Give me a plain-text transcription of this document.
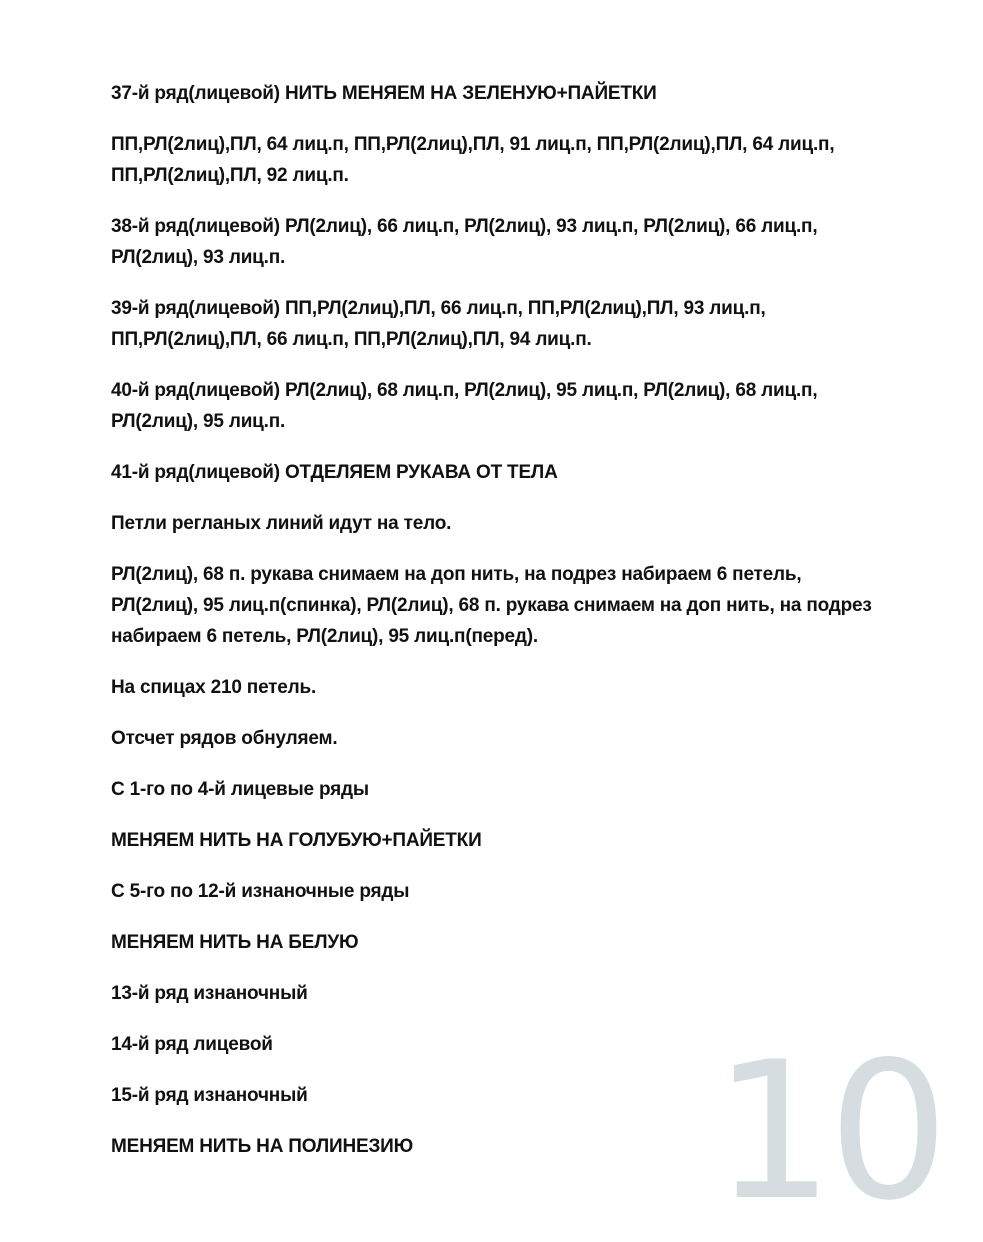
37-й ряд(лицевой) НИТЬ МЕНЯЕМ НА ЗЕЛЕНУЮ+ПАЙЕТКИ

ПП,РЛ(2лиц),ПЛ, 64 лиц.п, ПП,РЛ(2лиц),ПЛ, 91 лиц.п, ПП,РЛ(2лиц),ПЛ, 64 лиц.п, ПП,РЛ(2лиц),ПЛ, 92 лиц.п.

38-й ряд(лицевой) РЛ(2лиц), 66 лиц.п, РЛ(2лиц), 93 лиц.п, РЛ(2лиц), 66 лиц.п, РЛ(2лиц), 93 лиц.п.

39-й ряд(лицевой) ПП,РЛ(2лиц),ПЛ, 66 лиц.п, ПП,РЛ(2лиц),ПЛ, 93 лиц.п, ПП,РЛ(2лиц),ПЛ, 66 лиц.п, ПП,РЛ(2лиц),ПЛ, 94 лиц.п.

40-й ряд(лицевой) РЛ(2лиц), 68 лиц.п, РЛ(2лиц), 95 лиц.п, РЛ(2лиц), 68 лиц.п, РЛ(2лиц), 95 лиц.п.

41-й ряд(лицевой) ОТДЕЛЯЕМ РУКАВА ОТ ТЕЛА

Петли регланых линий идут на тело.

РЛ(2лиц), 68 п. рукава снимаем на доп нить, на подрез набираем 6 петель, РЛ(2лиц), 95 лиц.п(спинка), РЛ(2лиц), 68 п. рукава снимаем на доп нить, на подрез набираем 6 петель, РЛ(2лиц), 95 лиц.п(перед).

На спицах 210 петель.

Отсчет рядов обнуляем.

С 1-го по 4-й лицевые ряды

МЕНЯЕМ НИТЬ НА ГОЛУБУЮ+ПАЙЕТКИ

С 5-го по 12-й изнаночные ряды

МЕНЯЕМ НИТЬ НА БЕЛУЮ

13-й ряд изнаночный

14-й ряд лицевой

15-й ряд изнаночный

МЕНЯЕМ НИТЬ НА ПОЛИНЕЗИЮ	10
